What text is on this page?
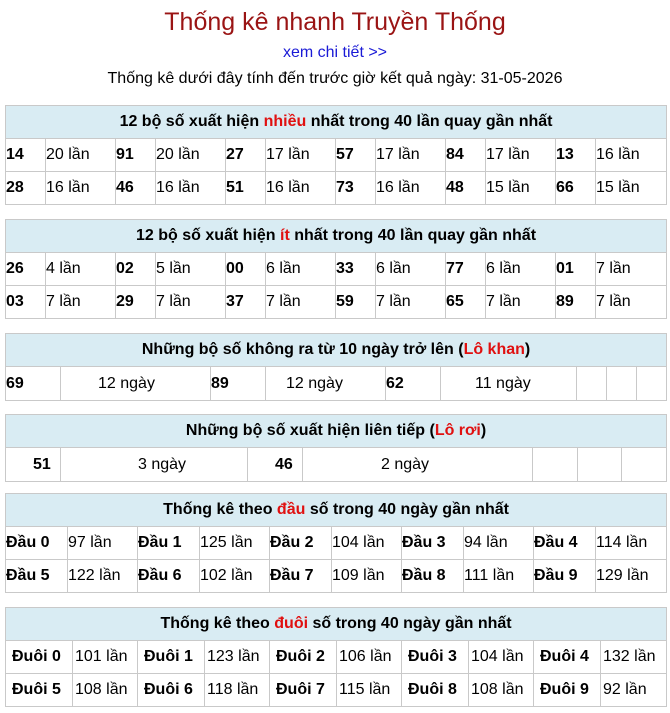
Thống kê nhanh Truyền Thống
xem chi tiết >>
Thống kê dưới đây tính đến trước giờ kết quả ngày: 31-05-2026
12 bộ số xuất hiện nhiều nhất trong 40 lần quay gần nhất											
14	20 lần	91	20 lần	27	17 lần	57	17 lần	84	17 lần	13	16 lần
28	16 lần	46	16 lần	51	16 lần	73	16 lần	48	15 lần	66	15 lần
12 bộ số xuất hiện ít nhất trong 40 lần quay gần nhất											
26	4 lần	02	5 lần	00	6 lần	33	6 lần	77	6 lần	01	7 lần
03	7 lần	29	7 lần	37	7 lần	59	7 lần	65	7 lần	89	7 lần
Những bộ số không ra từ 10 ngày trở lên (Lô khan)
69	12 ngày	89	12 ngày	62	11 ngày			
Những bộ số xuất hiện liên tiếp (Lô rơi)
51	3 ngày	46	2 ngày			
Thống kê theo đầu số trong 40 ngày gần nhất									
Đầu 0	97 lần	Đầu 1	125 lần	Đầu 2	104 lần	Đầu 3	94 lần	Đầu 4	114 lần
Đầu 5	122 lần	Đầu 6	102 lần	Đầu 7	109 lần	Đầu 8	111 lần	Đầu 9	129 lần
Thống kê theo đuôi số trong 40 ngày gần nhất									
Đuôi 0	101 lần	Đuôi 1	123 lần	Đuôi 2	106 lần	Đuôi 3	104 lần	Đuôi 4	132 lần
Đuôi 5	108 lần	Đuôi 6	118 lần	Đuôi 7	115 lần	Đuôi 8	108 lần	Đuôi 9	92 lần
